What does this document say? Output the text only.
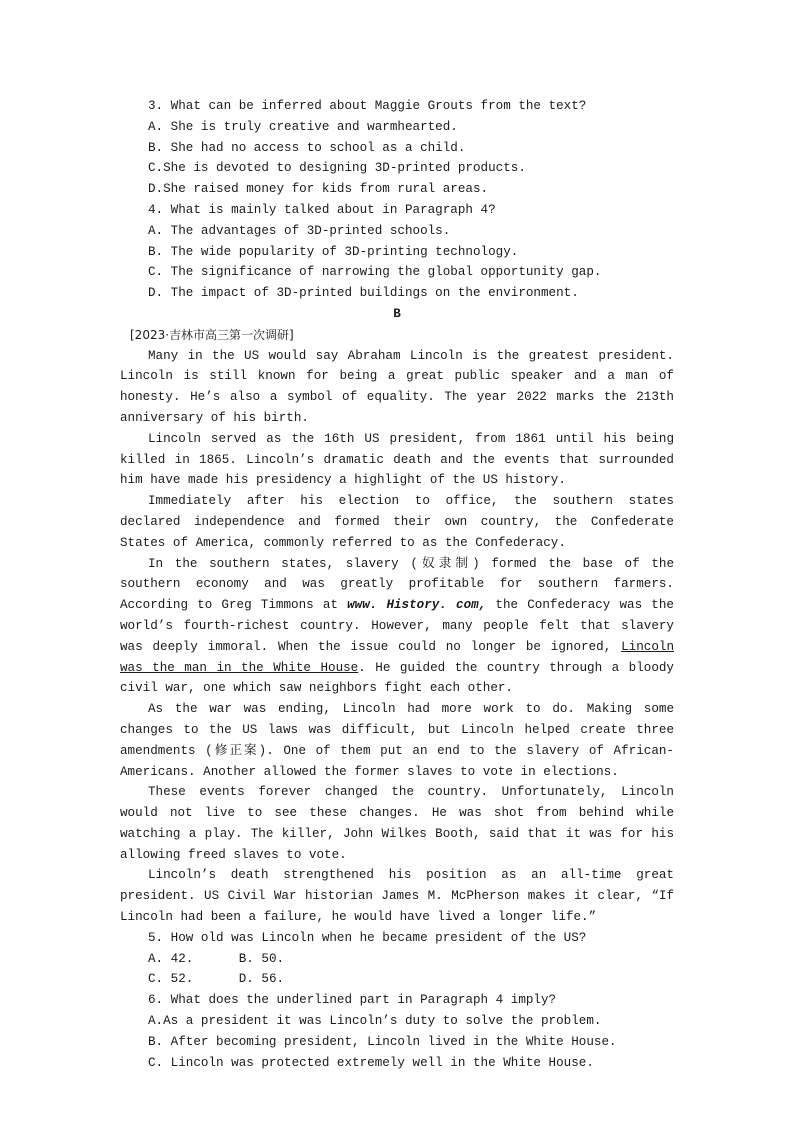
3. What can be inferred about Maggie Grouts from the text?
A. She is truly creative and warmhearted.
B. She had no access to school as a child.
C.She is devoted to designing 3D-printed products.
D.She raised money for kids from rural areas.
4. What is mainly talked about in Paragraph 4?
A. The advantages of 3D-printed schools.
B. The wide popularity of 3D-printing technology.
C. The significance of narrowing the global opportunity gap.
D. The impact of 3D-printed buildings on the environment.
B
[2023·吉林市高三第一次调研]

Many in the US would say Abraham Lincoln is the greatest president. Lincoln is still known for being a great public speaker and a man of honesty. He’s also a symbol of equality. The year 2022 marks the 213th anniversary of his birth.

Lincoln served as the 16th US president, from 1861 until his being killed in 1865. Lincoln’s dramatic death and the events that surrounded him have made his presidency a highlight of the US history.

Immediately after his election to office, the southern states declared independence and formed their own country, the Confederate States of America, commonly referred to as the Confederacy.

In the southern states, slavery (奴隶制) formed the base of the southern economy and was greatly profitable for southern farmers. According to Greg Timmons at www. History. com, the Confederacy was the world’s fourth-richest country. However, many people felt that slavery was deeply immoral. When the issue could no longer be ignored, Lincoln was the man in the White House. He guided the country through a bloody civil war, one which saw neighbors fight each other.

As the war was ending, Lincoln had more work to do. Making some changes to the US laws was difficult, but Lincoln helped create three amendments (修正案). One of them put an end to the slavery of African-Americans. Another allowed the former slaves to vote in elections.

These events forever changed the country. Unfortunately, Lincoln would not live to see these changes. He was shot from behind while watching a play. The killer, John Wilkes Booth, said that it was for his allowing freed slaves to vote.

Lincoln’s death strengthened his position as an all-time great president. US Civil War historian James M. McPherson makes it clear, “If Lincoln had been a failure, he would have lived a longer life.”

5. How old was Lincoln when he became president of the US?
A. 42.	B. 50.
C. 52.	D. 56.
6. What does the underlined part in Paragraph 4 imply?
A.As a president it was Lincoln’s duty to solve the problem.
B. After becoming president, Lincoln lived in the White House.
C. Lincoln was protected extremely well in the White House.
